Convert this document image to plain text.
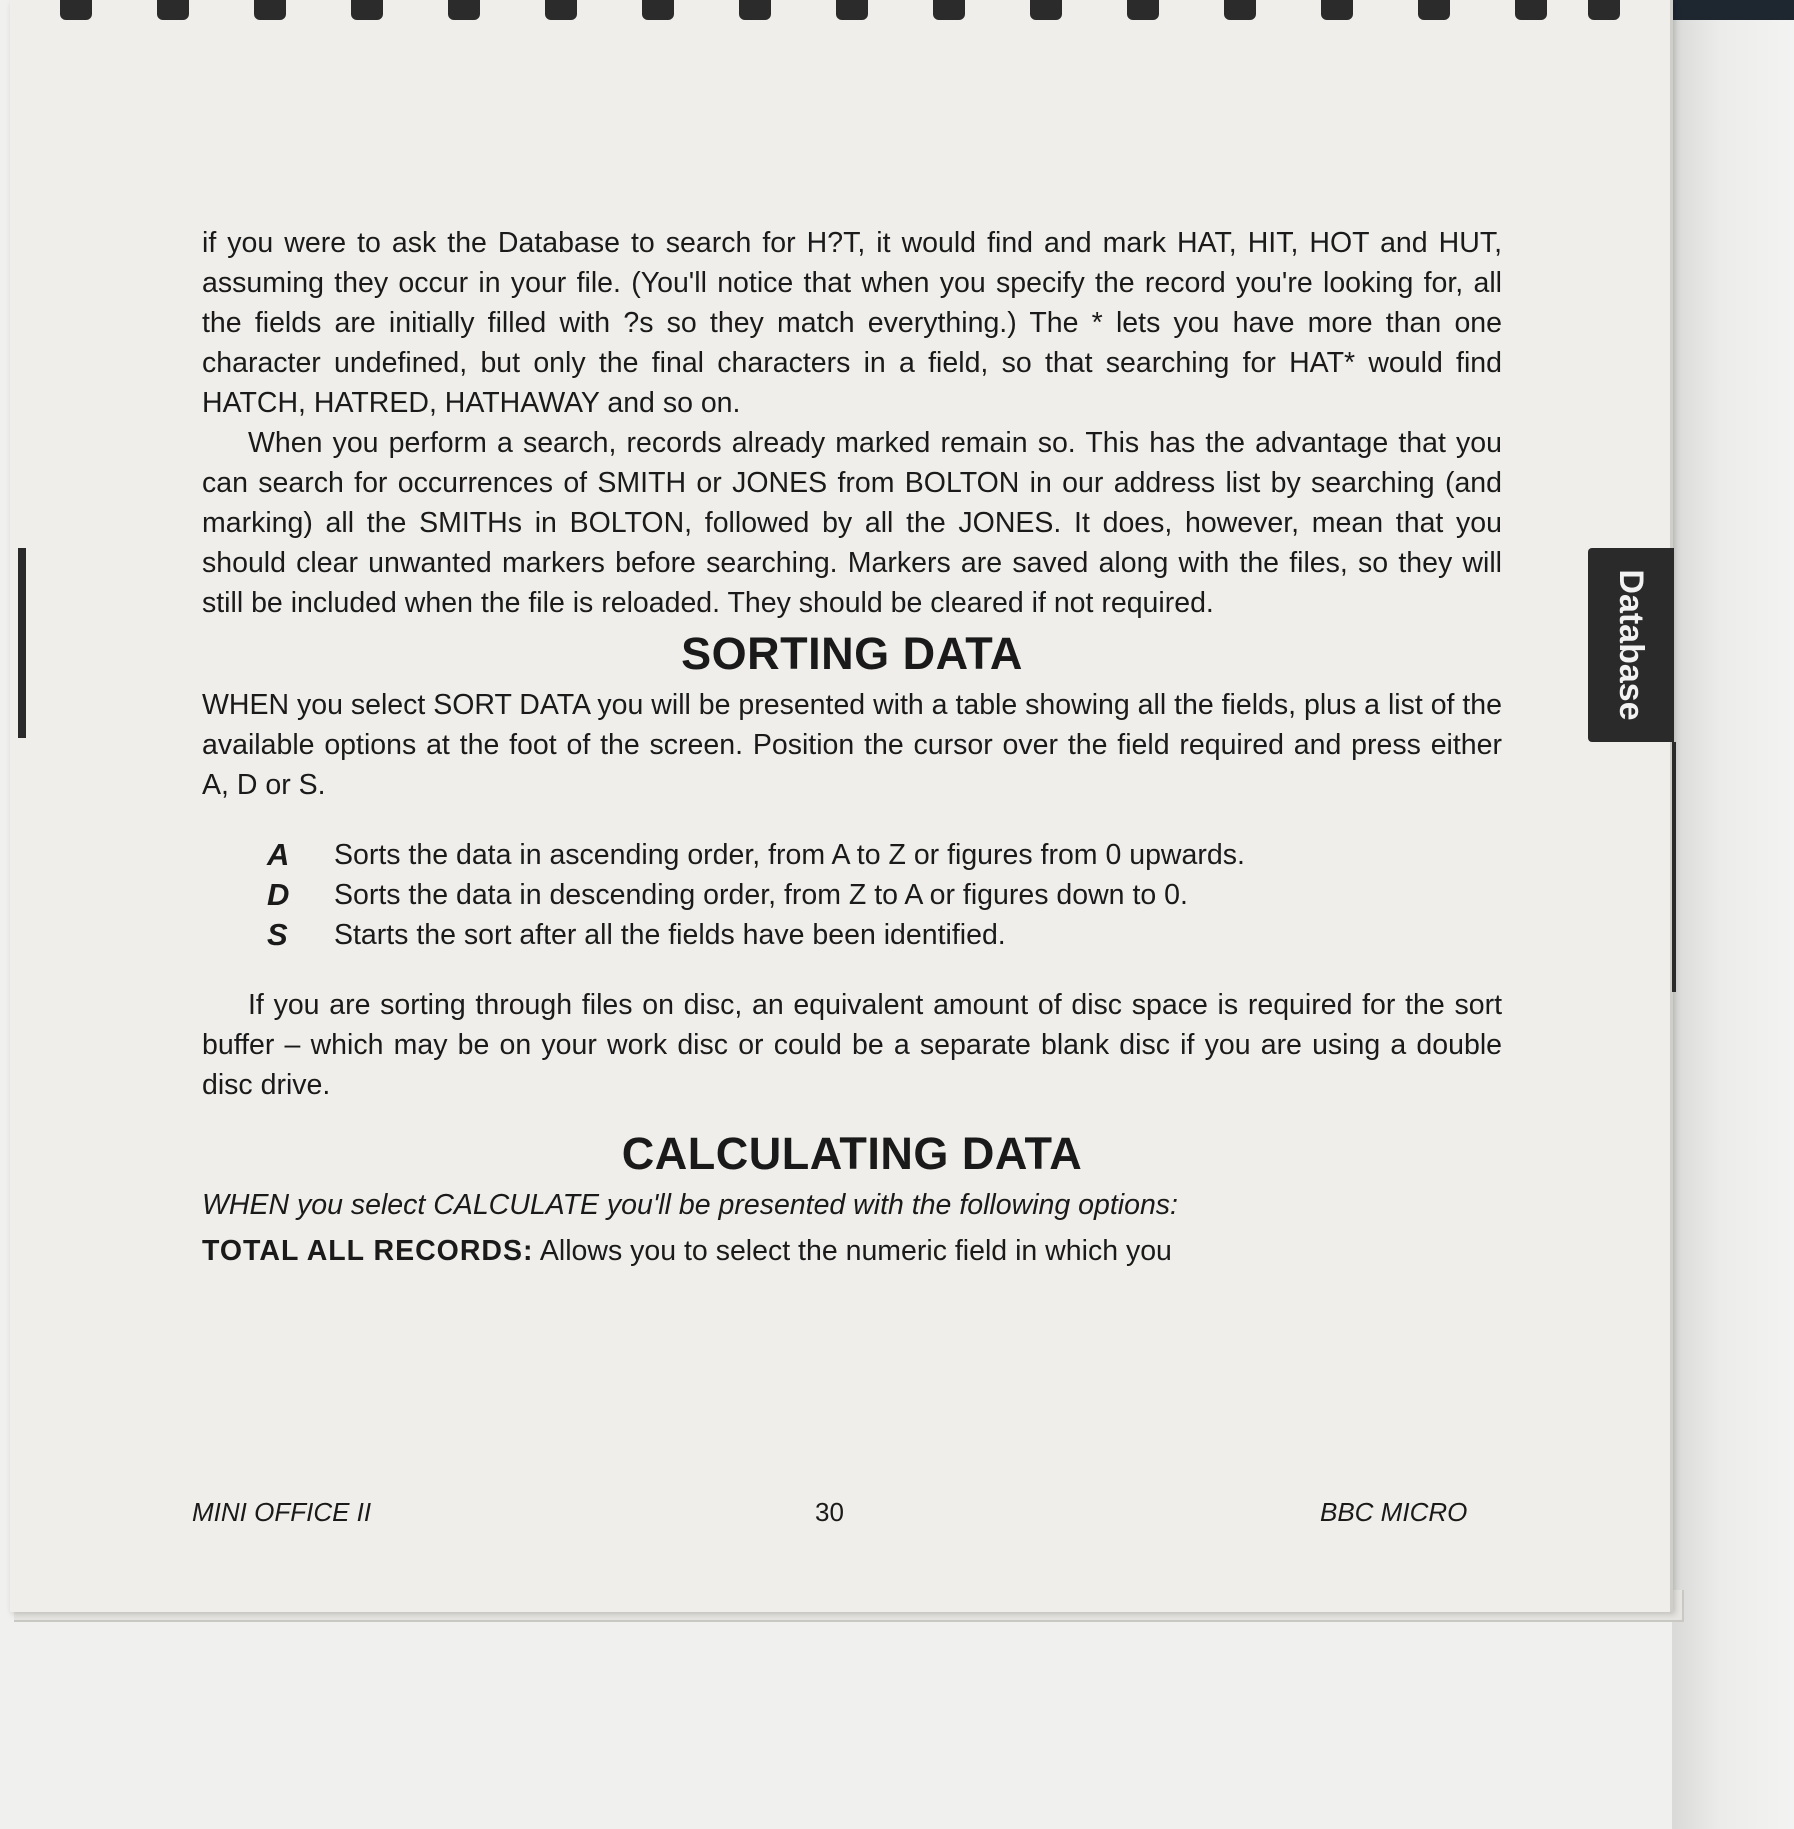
Database

if you were to ask the Database to search for H?T, it would find and mark HAT, HIT, HOT and HUT, assuming they occur in your file. (You'll notice that when you specify the record you're looking for, all the fields are initially filled with ?s so they match everything.) The * lets you have more than one character undefined, but only the final characters in a field, so that searching for HAT* would find HATCH, HATRED, HATHAWAY and so on.

When you perform a search, records already marked remain so. This has the advantage that you can search for occurrences of SMITH or JONES from BOLTON in our address list by searching (and marking) all the SMITHs in BOLTON, followed by all the JONES. It does, however, mean that you should clear unwanted markers before searching. Markers are saved along with the files, so they will still be included when the file is reloaded. They should be cleared if not required.

SORTING DATA

WHEN you select SORT DATA you will be presented with a table showing all the fields, plus a list of the available options at the foot of the screen. Position the cursor over the field required and press either A, D or S.

A	Sorts the data in ascending order, from A to Z or figures from 0 upwards.
D	Sorts the data in descending order, from Z to A or figures down to 0.
S	Starts the sort after all the fields have been identified.

If you are sorting through files on disc, an equivalent amount of disc space is required for the sort buffer – which may be on your work disc or could be a separate blank disc if you are using a double disc drive.

CALCULATING DATA

WHEN you select CALCULATE you'll be presented with the following options:

TOTAL ALL RECORDS: Allows you to select the numeric field in which you

MINI OFFICE II	30	BBC MICRO
